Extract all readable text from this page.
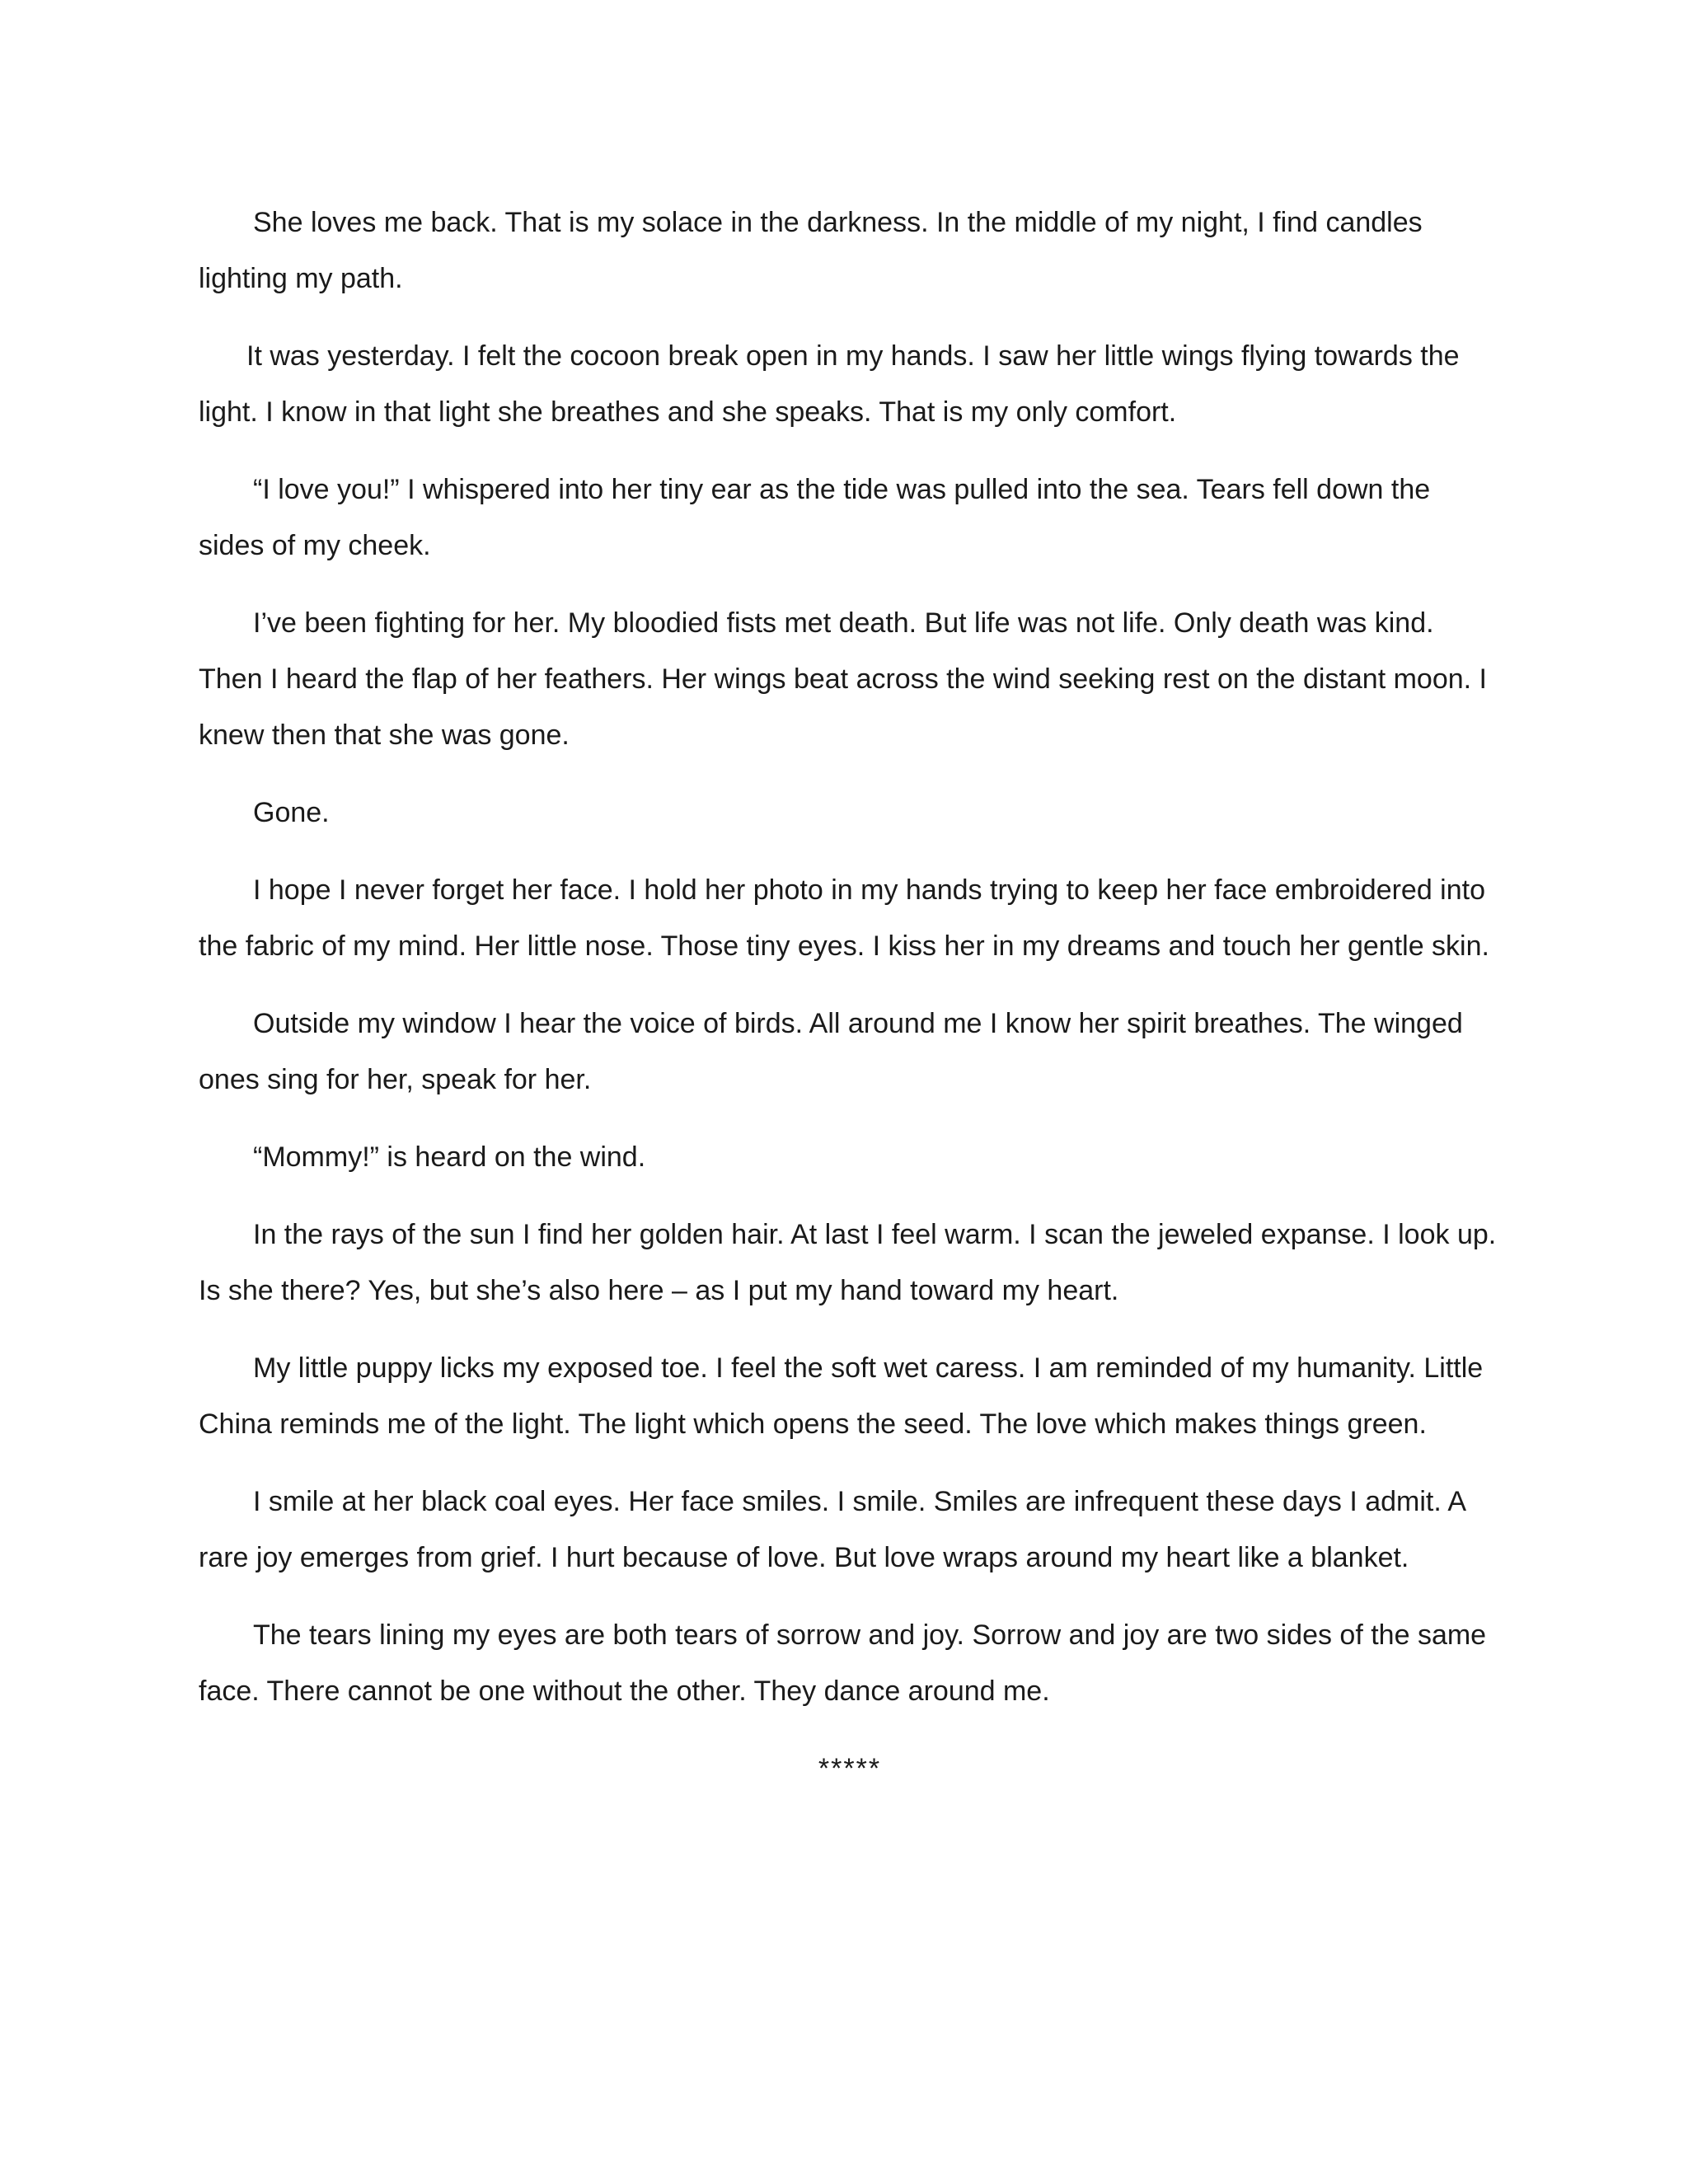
She loves me back. That is my solace in the darkness. In the middle of my night, I find candles lighting my path.

It was yesterday. I felt the cocoon break open in my hands. I saw her little wings flying towards the light. I know in that light she breathes and she speaks. That is my only comfort.

“I love you!” I whispered into her tiny ear as the tide was pulled into the sea. Tears fell down the sides of my cheek.

I’ve been fighting for her. My bloodied fists met death. But life was not life. Only death was kind. Then I heard the flap of her feathers. Her wings beat across the wind seeking rest on the distant moon. I knew then that she was gone.

Gone.

I hope I never forget her face. I hold her photo in my hands trying to keep her face embroidered into the fabric of my mind. Her little nose. Those tiny eyes. I kiss her in my dreams and touch her gentle skin.

Outside my window I hear the voice of birds. All around me I know her spirit breathes. The winged ones sing for her, speak for her.

“Mommy!” is heard on the wind.

In the rays of the sun I find her golden hair. At last I feel warm. I scan the jeweled expanse. I look up. Is she there? Yes, but she’s also here – as I put my hand toward my heart.

My little puppy licks my exposed toe. I feel the soft wet caress. I am reminded of my humanity. Little China reminds me of the light. The light which opens the seed. The love which makes things green.

I smile at her black coal eyes. Her face smiles. I smile. Smiles are infrequent these days I admit. A rare joy emerges from grief. I hurt because of love. But love wraps around my heart like a blanket.

The tears lining my eyes are both tears of sorrow and joy. Sorrow and joy are two sides of the same face. There cannot be one without the other. They dance around me.

*****
